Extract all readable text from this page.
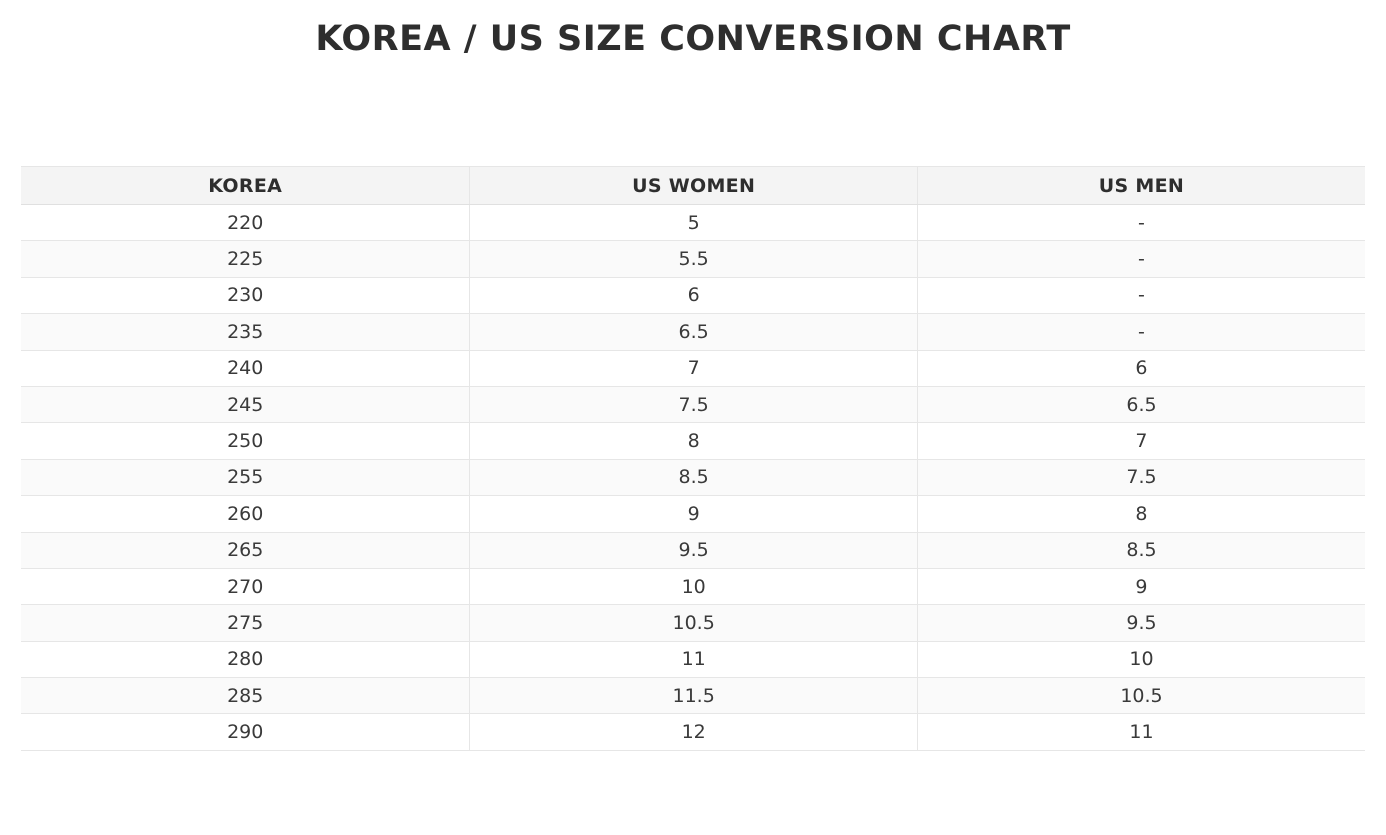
KOREA / US SIZE CONVERSION CHART
KOREA	US WOMEN	US MEN
220	5	-
225	5.5	-
230	6	-
235	6.5	-
240	7	6
245	7.5	6.5
250	8	7
255	8.5	7.5
260	9	8
265	9.5	8.5
270	10	9
275	10.5	9.5
280	11	10
285	11.5	10.5
290	12	11
